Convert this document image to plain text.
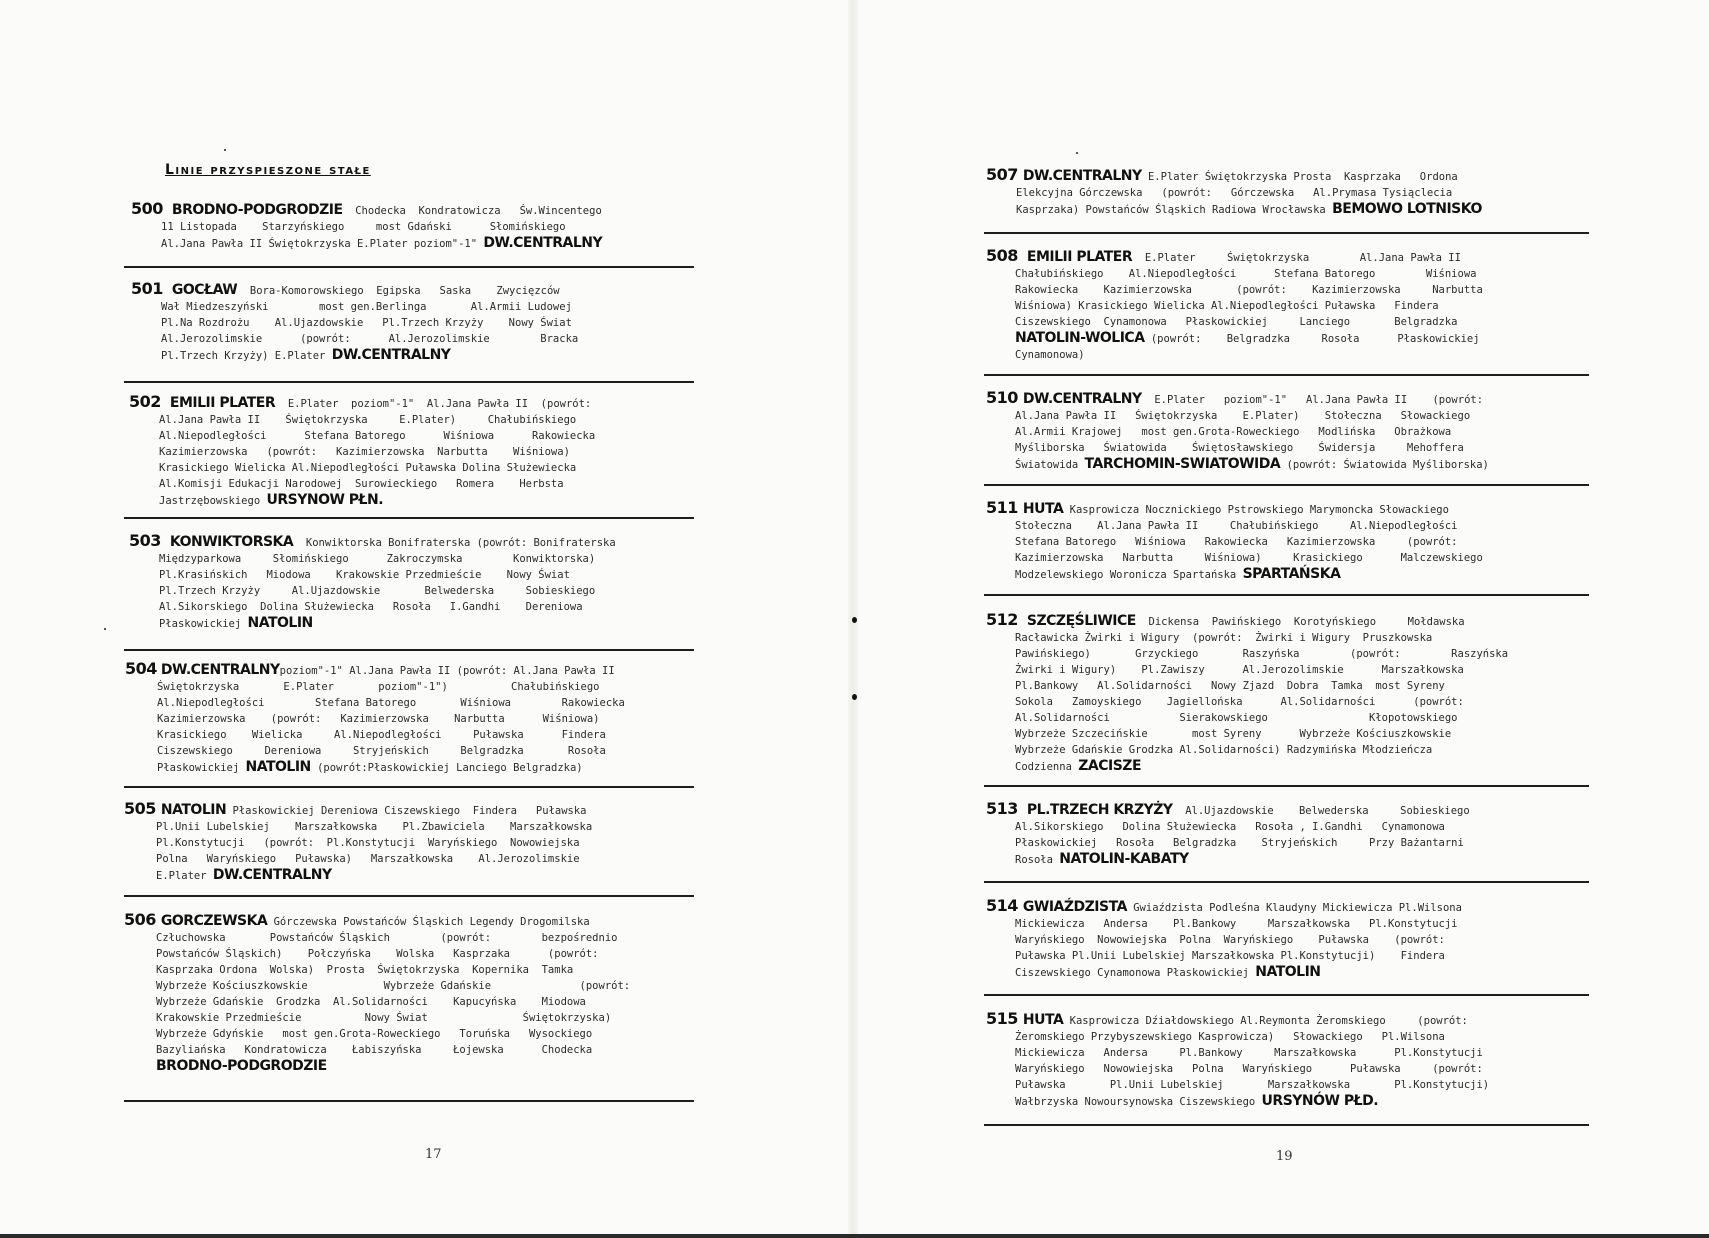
Linie przyspieszone stałe
500 BRODNO-PODGRODZIE
Chodecka  Kondratowicza   Św.Wincentego

11 Listopada    Starzyńskiego     most Gdański      Słomińskiego

Al.Jana Pawła II Świętokrzyska E.Plater poziom"-1" DW.CENTRALNY

501 GOCŁAW
Bora-Komorowskiego  Egipska   Saska    Zwycięzców

Wał Miedzeszyński        most gen.Berlinga       Al.Armii Ludowej

Pl.Na Rozdrożu    Al.Ujazdowskie   Pl.Trzech Krzyży    Nowy Świat

Al.Jerozolimskie      (powrót:      Al.Jerozolimskie        Bracka

Pl.Trzech Krzyży) E.Plater DW.CENTRALNY

502 EMILII PLATER
E.Plater  poziom"-1"  Al.Jana Pawła II  (powrót:

Al.Jana Pawła II    Świętokrzyska     E.Plater)     Chałubińskiego

Al.Niepodległości      Stefana Batorego      Wiśniowa      Rakowiecka

Kazimierzowska   (powrót:   Kazimierzowska  Narbutta    Wiśniowa)

Krasickiego Wielicka Al.Niepodległości Puławska Dolina Służewiecka

Al.Komisji Edukacji Narodowej  Surowieckiego   Romera    Herbsta

Jastrzębowskiego URSYNOW PŁN.

503 KONWIKTORSKA
Konwiktorska Bonifraterska (powrót: Bonifraterska

Międzyparkowa     Słomińskiego      Zakroczymska        Konwiktorska)

Pl.Krasińskich   Miodowa    Krakowskie Przedmieście    Nowy Świat

Pl.Trzech Krzyży     Al.Ujazdowskie       Belwederska     Sobieskiego

Al.Sikorskiego  Dolina Służewiecka   Rosoła   I.Gandhi    Dereniowa

Płaskowickiej NATOLIN

504 DW.CENTRALNY poziom"-1" Al.Jana Pawła II (powrót: Al.Jana Pawła II

Świętokrzyska       E.Plater       poziom"-1")          Chałubińskiego

Al.Niepodległości        Stefana Batorego       Wiśniowa        Rakowiecka

Kazimierzowska    (powrót:   Kazimierzowska    Narbutta      Wiśniowa)

Krasickiego    Wielicka     Al.Niepodległości     Puławska      Findera

Ciszewskiego     Dereniowa     Stryjeńskich     Belgradzka       Rosoła

Płaskowickiej NATOLIN (powrót:Płaskowickiej Lanciego Belgradzka)

505 NATOLIN
Płaskowickiej Dereniowa Ciszewskiego  Findera   Puławska

Pl.Unii Lubelskiej    Marszałkowska    Pl.Zbawiciela    Marszałkowska

Pl.Konstytucji   (powrót:  Pl.Konstytucji  Waryńskiego  Nowowiejska

Polna   Waryńskiego   Puławska)   Marszałkowska    Al.Jerozolimskie

E.Plater DW.CENTRALNY

506 GORCZEWSKA
Górczewska Powstańców Śląskich Legendy Drogomilska

Człuchowska       Powstańców Śląskich        (powrót:        bezpośrednio

Powstańców Śląskich)    Połczyńska    Wolska   Kasprzaka      (powrót:

Kasprzaka Ordona  Wolska)  Prosta  Świętokrzyska  Kopernika  Tamka

Wybrzeże Kościuszkowskie            Wybrzeże Gdańskie              (powrót:

Wybrzeże Gdańskie  Grodzka  Al.Solidarności    Kapucyńska    Miodowa

Krakowskie Przedmieście          Nowy Świat               Świętokrzyska)

Wybrzeże Gdyńskie   most gen.Grota-Roweckiego   Toruńska   Wysockiego

Bazyliańska   Kondratowicza    Łabiszyńska     Łojewska      Chodecka

BRODNO-PODGRODZIE

17
507 DW.CENTRALNY
E.Plater Świętokrzyska Prosta  Kasprzaka   Ordona

Elekcyjna Górczewska   (powrót:   Górczewska   Al.Prymasa Tysiąclecia

Kasprzaka) Powstańców Śląskich Radiowa Wrocławska BEMOWO LOTNISKO

508 EMILII PLATER
E.Plater     Świętokrzyska        Al.Jana Pawła II

Chałubińskiego    Al.Niepodległości      Stefana Batorego        Wiśniowa

Rakowiecka    Kazimierzowska       (powrót:    Kazimierzowska     Narbutta

Wiśniowa) Krasickiego Wielicka Al.Niepodległości Puławska   Findera

Ciszewskiego  Cynamonowa   Płaskowickiej     Lanciego       Belgradzka

NATOLIN-WOLICA (powrót:    Belgradzka     Rosoła      Płaskowickiej

Cynamonowa)

510 DW.CENTRALNY
E.Plater   poziom"-1"   Al.Jana Pawła II    (powrót:

Al.Jana Pawła II   Świętokrzyska    E.Plater)    Stołeczna   Słowackiego

Al.Armii Krajowej   most gen.Grota-Roweckiego   Modlińska   Obrażkowa

Myśliborska   Światowida    Świętosławskiego    Świdersja     Mehoffera

Światowida TARCHOMIN-SWIATOWIDA (powrót: Światowida Myśliborska)

511 HUTA
Kasprowicza Nocznickiego Pstrowskiego Marymoncka Słowackiego

Stołeczna    Al.Jana Pawła II     Chałubińskiego     Al.Niepodległości

Stefana Batorego   Wiśniowa   Rakowiecka   Kazimierzowska     (powrót:

Kazimierzowska   Narbutta     Wiśniowa)     Krasickiego      Malczewskiego

Modzelewskiego Woronicza Spartańska SPARTAŃSKA

512 SZCZĘŚLIWICE
Dickensa  Pawińskiego  Korotyńskiego     Mołdawska

Racławicka Żwirki i Wigury  (powrót:  Żwirki i Wigury  Pruszkowska

Pawińskiego)       Grzyckiego       Raszyńska        (powrót:        Raszyńska

Żwirki i Wigury)    Pl.Zawiszy      Al.Jerozolimskie      Marszałkowska

Pl.Bankowy   Al.Solidarności   Nowy Zjazd  Dobra  Tamka  most Syreny

Sokola   Zamoyskiego    Jagiellońska      Al.Solidarności      (powrót:

Al.Solidarności           Sierakowskiego                Kłopotowskiego

Wybrzeże Szczecińskie       most Syreny      Wybrzeże Kościuszkowskie

Wybrzeże Gdańskie Grodzka Al.Solidarności) Radzymińska Młodzieńcza

Codzienna ZACISZE

513 PL.TRZECH KRZYŻY
Al.Ujazdowskie    Belwederska     Sobieskiego

Al.Sikorskiego   Dolina Służewiecka   Rosoła , I.Gandhi   Cynamonowa

Płaskowickiej   Rosoła   Belgradzka    Stryjeńskich     Przy Bażantarni

Rosoła NATOLIN-KABATY

514 GWIAŹDZISTA
Gwiaździsta Podleśna Klaudyny Mickiewicza Pl.Wilsona

Mickiewicza   Andersa    Pl.Bankowy     Marszałkowska   Pl.Konstytucji

Waryńskiego  Nowowiejska  Polna  Waryńskiego    Puławska    (powrót:

Puławska Pl.Unii Lubelskiej Marszałkowska Pl.Konstytucji)    Findera

Ciszewskiego Cynamonowa Płaskowickiej NATOLIN

515 HUTA
Kasprowicza Dźiałdowskiego Al.Reymonta Żeromskiego     (powrót:

Żeromskiego Przybyszewskiego Kasprowicza)   Słowackiego   Pl.Wilsona

Mickiewicza   Andersa     Pl.Bankowy     Marszałkowska      Pl.Konstytucji

Waryńskiego   Nowowiejska   Polna   Waryńskiego      Puławska     (powrót:

Puławska       Pl.Unii Lubelskiej       Marszałkowska       Pl.Konstytucji)

Wałbrzyska Nowoursynowska Ciszewskiego URSYNÓW PŁD.

19
